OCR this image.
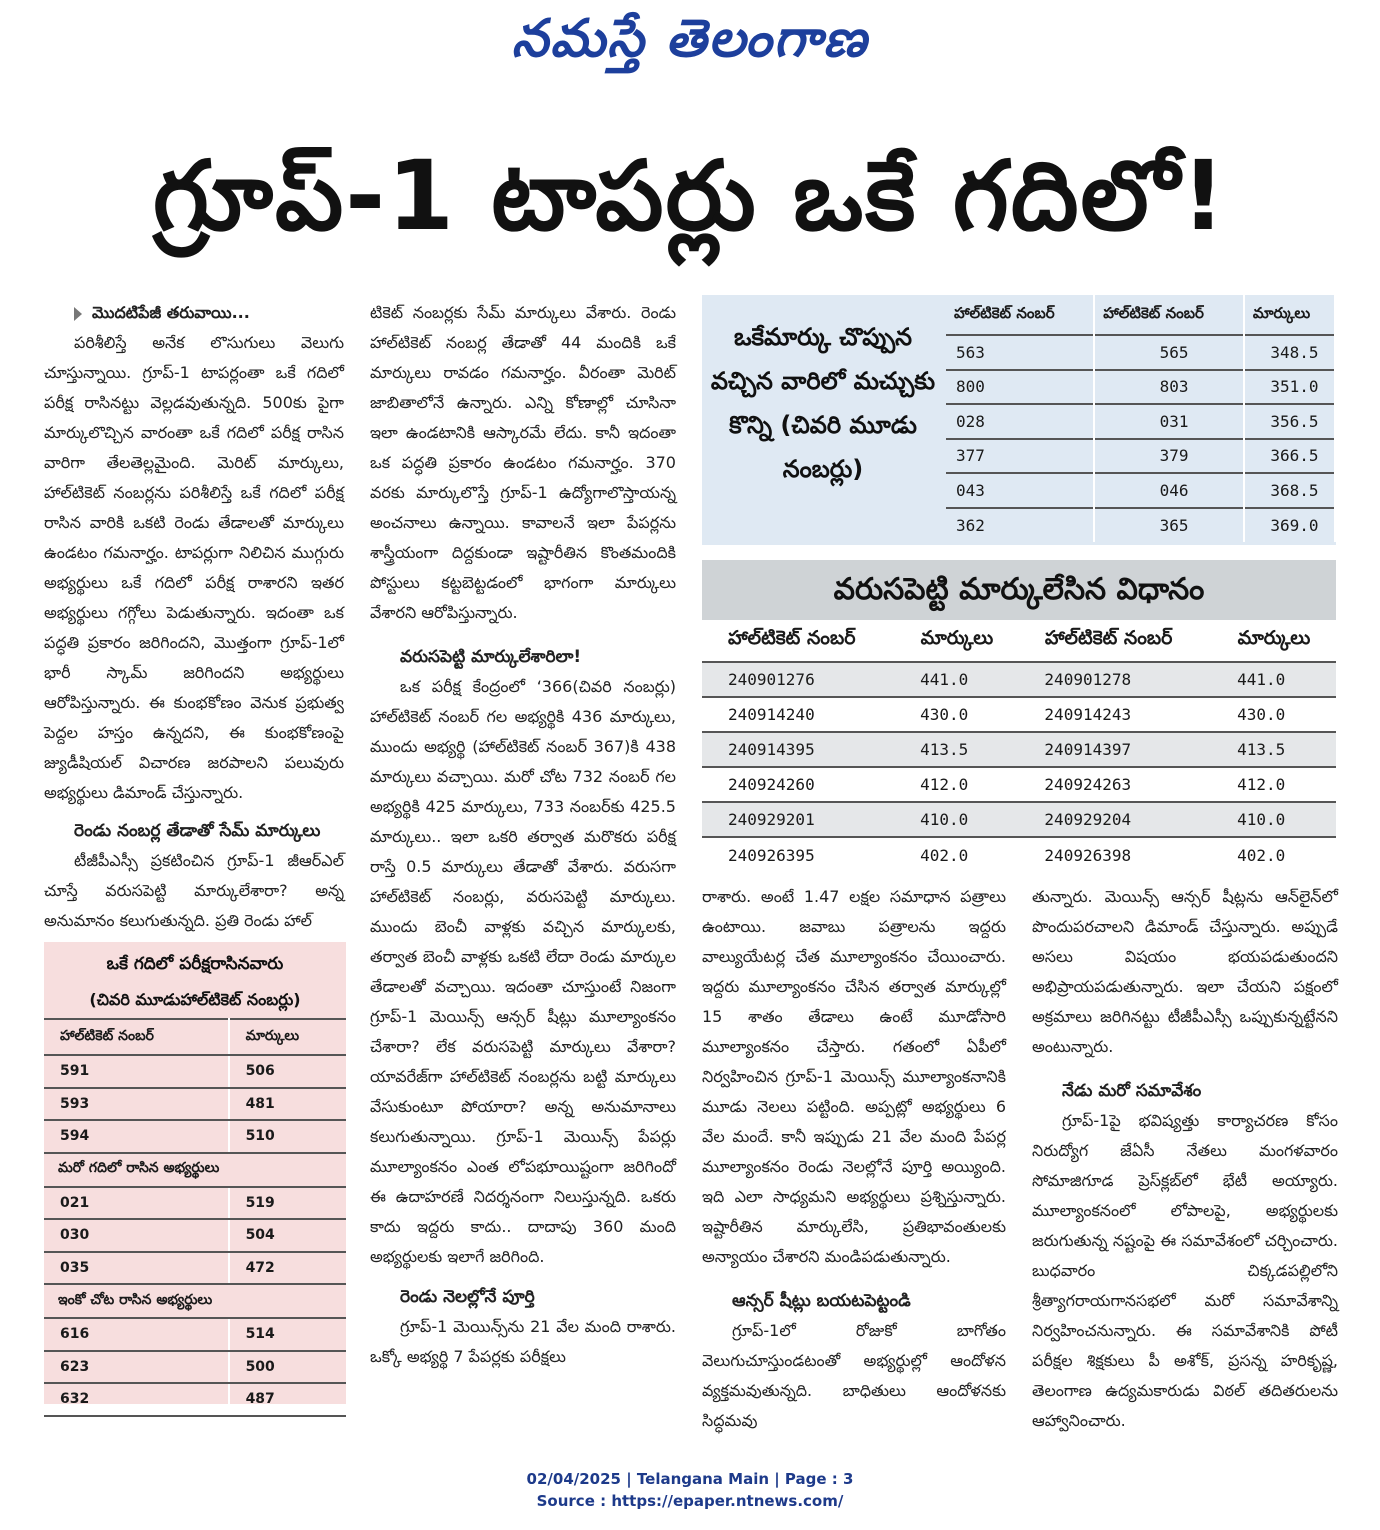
నమస్తే తెలంగాణ
గ్రూప్-1 టాపర్లు ఒకే గదిలో!

మొదటిపేజీ తరువాయి...

పరిశీలిస్తే అనేక లొసుగులు వెలుగు చూస్తున్నాయి. గ్రూప్-1 టాపర్లంతా ఒకే గదిలో పరీక్ష రాసినట్టు వెల్లడవుతున్నది. 500కు పైగా మార్కులొచ్చిన వారంతా ఒకే గదిలో పరీక్ష రాసిన వారిగా తేలతెల్లమైంది. మెరిట్ మార్కులు, హాల్‌టికెట్ నంబర్లను పరిశీలిస్తే ఒకే గదిలో పరీక్ష రాసిన వారికి ఒకటి రెండు తేడాలతో మార్కులు ఉండటం గమనార్హం. టాపర్లుగా నిలిచిన ముగ్గురు అభ్యర్థులు ఒకే గదిలో పరీక్ష రాశారని ఇతర అభ్యర్థులు గగ్గోలు పెడుతున్నారు. ఇదంతా ఒక పద్ధతి ప్రకారం జరిగిందని, మొత్తంగా గ్రూప్-1లో భారీ స్కామ్ జరిగిందని అభ్యర్థులు ఆరోపిస్తున్నారు. ఈ కుంభకోణం వెనుక ప్రభుత్వ పెద్దల హస్తం ఉన్నదని, ఈ కుంభకోణంపై జ్యుడీషియల్ విచారణ జరపాలని పలువురు అభ్యర్థులు డిమాండ్ చేస్తున్నారు.

రెండు నంబర్ల తేడాతో సేమ్ మార్కులు

టీజీపీఎస్సీ ప్రకటించిన గ్రూప్-1 జీఆర్‌ఎల్ చూస్తే వరుసపెట్టి మార్కులేశారా? అన్న అనుమానం కలుగుతున్నది. ప్రతి రెండు హాల్

టికెట్ నంబర్లకు సేమ్ మార్కులు వేశారు. రెండు హాల్‌టికెట్ నంబర్ల తేడాతో 44 మందికి ఒకే మార్కులు రావడం గమనార్హం. వీరంతా మెరిట్ జాబితాలోనే ఉన్నారు. ఎన్ని కోణాల్లో చూసినా ఇలా ఉండటానికి ఆస్కారమే లేదు. కానీ ఇదంతా ఒక పద్ధతి ప్రకారం ఉండటం గమనార్హం. 370 వరకు మార్కులొస్తే గ్రూప్-1 ఉద్యోగాలొస్తాయన్న అంచనాలు ఉన్నాయి. కావాలనే ఇలా పేపర్లను శాస్త్రీయంగా దిద్దకుండా ఇష్టారీతిన కొంతమందికి పోస్టులు కట్టబెట్టడంలో భాగంగా మార్కులు వేశారని ఆరోపిస్తున్నారు.

వరుసపెట్టి మార్కులేశారిలా!

ఒక పరీక్ష కేంద్రంలో ‘366(చివరి నంబర్లు) హాల్‌టికెట్ నంబర్ గల అభ్యర్థికి 436 మార్కులు, ముందు అభ్యర్థి (హాల్‌టికెట్ నంబర్ 367)కి 438 మార్కులు వచ్చాయి. మరో చోట 732 నంబర్ గల అభ్యర్థికి 425 మార్కులు, 733 నంబర్‌కు 425.5 మార్కులు.. ఇలా ఒకరి తర్వాత మరొకరు పరీక్ష రాస్తే 0.5 మార్కులు తేడాతో వేశారు. వరుసగా హాల్‌టికెట్ నంబర్లు, వరుసపెట్టి మార్కులు. ముందు బెంచీ వాళ్లకు వచ్చిన మార్కులకు, తర్వాత బెంచీ వాళ్లకు ఒకటి లేదా రెండు మార్కుల తేడాలతో వచ్చాయి. ఇదంతా చూస్తుంటే నిజంగా గ్రూప్-1 మెయిన్స్ ఆన్సర్ షీట్లు మూల్యాంకనం చేశారా? లేక వరుసపెట్టి మార్కులు వేశారా? యావరేజ్‌గా హాల్‌టికెట్ నంబర్లను బట్టి మార్కులు వేసుకుంటూ పోయారా? అన్న అనుమానాలు కలుగుతున్నాయి. గ్రూప్-1 మెయిన్స్ పేపర్లు మూల్యాంకనం ఎంత లోపభూయిష్టంగా జరిగిందో ఈ ఉదాహరణే నిదర్శనంగా నిలుస్తున్నది. ఒకరు కాదు ఇద్దరు కాదు.. దాదాపు 360 మంది అభ్యర్థులకు ఇలాగే జరిగింది.

రెండు నెలల్లోనే పూర్తి

గ్రూప్-1 మెయిన్స్‌ను 21 వేల మంది రాశారు. ఒక్కో అభ్యర్థి 7 పేపర్లకు పరీక్షలు

రాశారు. అంటే 1.47 లక్షల సమాధాన పత్రాలు ఉంటాయి. జవాబు పత్రాలను ఇద్దరు వాల్యుయేటర్ల చేత మూల్యాంకనం చేయించారు. ఇద్దరు మూల్యాంకనం చేసిన తర్వాత మార్కుల్లో 15 శాతం తేడాలు ఉంటే మూడోసారి మూల్యాంకనం చేస్తారు. గతంలో ఏపీలో నిర్వహించిన గ్రూప్-1 మెయిన్స్ మూల్యాంకనానికి మూడు నెలలు పట్టింది. అప్పట్లో అభ్యర్థులు 6 వేల మందే. కానీ ఇప్పుడు 21 వేల మంది పేపర్ల మూల్యాంకనం రెండు నెలల్లోనే పూర్తి అయ్యింది. ఇది ఎలా సాధ్యమని అభ్యర్థులు ప్రశ్నిస్తున్నారు. ఇష్టారీతిన మార్కులేసి, ప్రతిభావంతులకు అన్యాయం చేశారని మండిపడుతున్నారు.

ఆన్సర్ షీట్లు బయటపెట్టండి

గ్రూప్-1లో రోజుకో బాగోతం వెలుగుచూస్తుండటంతో అభ్యర్థుల్లో ఆందోళన వ్యక్తమవుతున్నది. బాధితులు ఆందోళనకు సిద్ధమవు

తున్నారు. మెయిన్స్ ఆన్సర్ షీట్లను ఆన్‌లైన్‌లో పొందుపరచాలని డిమాండ్ చేస్తున్నారు. అప్పుడే అసలు విషయం భయపడుతుందని అభిప్రాయపడుతున్నారు. ఇలా చేయని పక్షంలో అక్రమాలు జరిగినట్టు టీజీపీఎస్సీ ఒప్పుకున్నట్టేనని అంటున్నారు.

నేడు మరో సమావేశం

గ్రూప్-1పై భవిష్యత్తు కార్యాచరణ కోసం నిరుద్యోగ జేఏసీ నేతలు మంగళవారం సోమాజిగూడ ప్రెస్‌క్లబ్‌లో భేటీ అయ్యారు. మూల్యాంకనంలో లోపాలపై, అభ్యర్థులకు జరుగుతున్న నష్టంపై ఈ సమావేశంలో చర్చించారు. బుధవారం చిక్కడపల్లిలోని శ్రీత్యాగరాయగానసభలో మరో సమావేశాన్ని నిర్వహించనున్నారు. ఈ సమావేశానికి పోటీ పరీక్షల శిక్షకులు పీ అశోక్, ప్రసన్న హరికృష్ణ, తెలంగాణ ఉద్యమకారుడు విఠల్ తదితరులను ఆహ్వానించారు.

ఒకేమార్కు చొప్పున వచ్చిన వారిలో మచ్చుకు కొన్ని (చివరి మూడు నంబర్లు)
హాల్‌టికెట్ నంబర్	హాల్‌టికెట్ నంబర్	మార్కులు
563	565	348.5
800	803	351.0
028	031	356.5
377	379	366.5
043	046	368.5
362	365	369.0
వరుసపెట్టి మార్కులేసిన విధానం
హాల్‌టికెట్ నంబర్	మార్కులు	హాల్‌టికెట్ నంబర్	మార్కులు
240901276	441.0	240901278	441.0
240914240	430.0	240914243	430.0
240914395	413.5	240914397	413.5
240924260	412.0	240924263	412.0
240929201	410.0	240929204	410.0
240926395	402.0	240926398	402.0
ఒకే గదిలో పరీక్షరాసినవారు
(చివరి మూడుహాల్‌టికెట్ నంబర్లు)
హాల్‌టికెట్ నంబర్	మార్కులు
591	506
593	481
594	510
మరో గదిలో రాసిన అభ్యర్థులు	
021	519
030	504
035	472
ఇంకో చోట రాసిన అభ్యర్థులు	
616	514
623	500
632	487
02/04/2025 | Telangana Main | Page : 3
Source : https://epaper.ntnews.com/
